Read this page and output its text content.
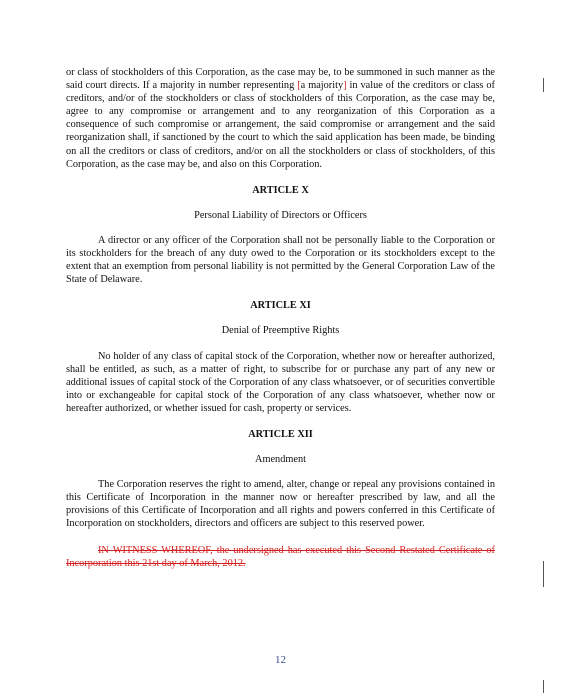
or class of stockholders of this Corporation, as the case may be, to be summoned in such manner as the said court directs. If a majority in number representing [a majority] in value of the creditors or class of creditors, and/or of the stockholders or class of stockholders of this Corporation, as the case may be, agree to any compromise or arrangement and to any reorganization of this Corporation as a consequence of such compromise or arrangement, the said compromise or arrangement and the said reorganization shall, if sanctioned by the court to which the said application has been made, be binding on all the creditors or class of creditors, and/or on all the stockholders or class of stockholders, of this Corporation, as the case may be, and also on this Corporation.

ARTICLE X

Personal Liability of Directors or Officers

A director or any officer of the Corporation shall not be personally liable to the Corporation or its stockholders for the breach of any duty owed to the Corporation or its stockholders except to the extent that an exemption from personal liability is not permitted by the General Corporation Law of the State of Delaware.

ARTICLE XI

Denial of Preemptive Rights

No holder of any class of capital stock of the Corporation, whether now or hereafter authorized, shall be entitled, as such, as a matter of right, to subscribe for or purchase any part of any new or additional issues of capital stock of the Corporation of any class whatsoever, or of securities convertible into or exchangeable for capital stock of the Corporation of any class whatsoever, whether now or hereafter authorized, or whether issued for cash, property or services.

ARTICLE XII

Amendment

The Corporation reserves the right to amend, alter, change or repeal any provisions contained in this Certificate of Incorporation in the manner now or hereafter prescribed by law, and all the provisions of this Certificate of Incorporation and all rights and powers conferred in this Certificate of Incorporation on stockholders, directors and officers are subject to this reserved power.

IN WITNESS WHEREOF, the undersigned has executed this Second Restated Certificate of Incorporation this 21st day of March, 2012.

12
